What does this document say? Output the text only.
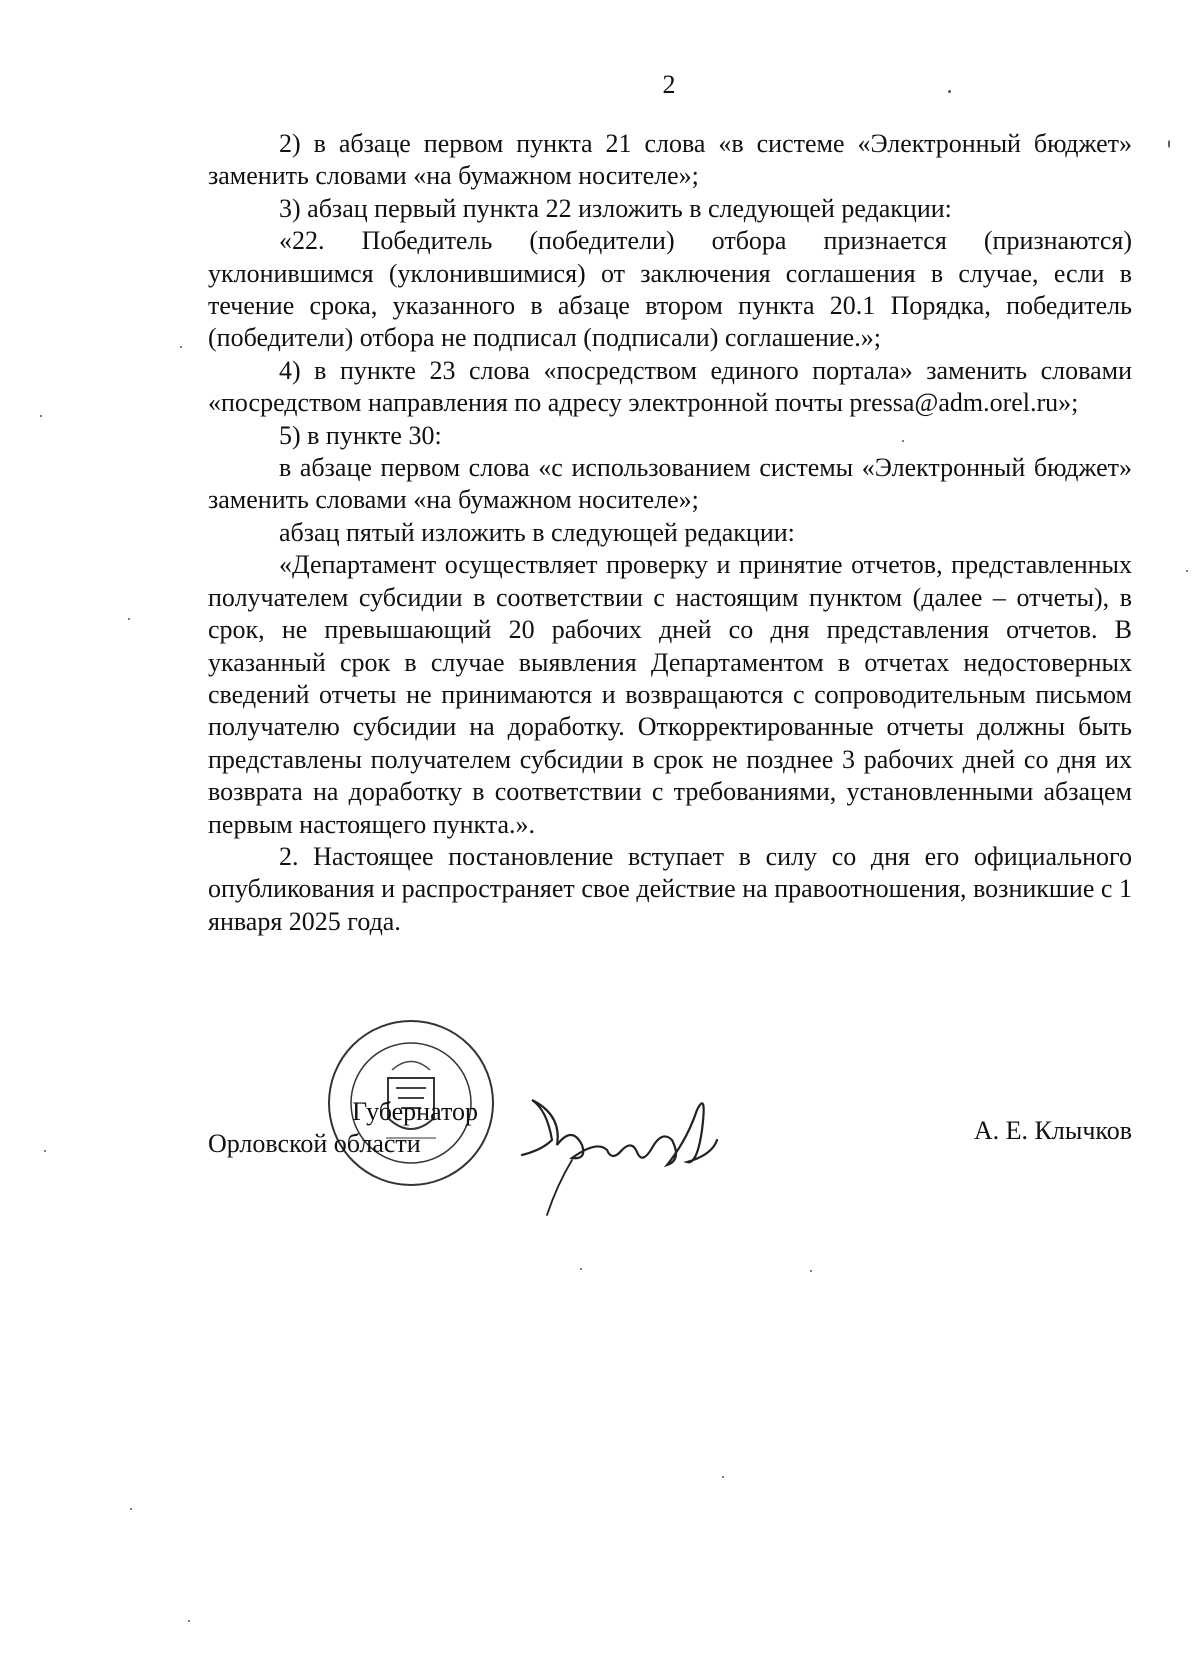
2

2) в абзаце первом пункта 21 слова «в системе «Электронный бюджет» заменить словами «на бумажном носителе»;

3) абзац первый пункта 22 изложить в следующей редакции:

«22. Победитель (победители) отбора признается (признаются) уклонившимся (уклонившимися) от заключения соглашения в случае, если в течение срока, указанного в абзаце втором пункта 20.1 Порядка, победитель (победители) отбора не подписал (подписали) соглашение.»;

4) в пункте 23 слова «посредством единого портала» заменить словами «посредством направления по адресу электронной почты pressa@adm.orel.ru»;

5) в пункте 30:

в абзаце первом слова «с использованием системы «Электронный бюджет» заменить словами «на бумажном носителе»;

абзац пятый изложить в следующей редакции:

«Департамент осуществляет проверку и принятие отчетов, представленных получателем субсидии в соответствии с настоящим пунктом (далее – отчеты), в срок, не превышающий 20 рабочих дней со дня представления отчетов. В указанный срок в случае выявления Департаментом в отчетах недостоверных сведений отчеты не принимаются и возвращаются с сопроводительным письмом получателю субсидии на доработку. Откорректированные отчеты должны быть представлены получателем субсидии в срок не позднее 3 рабочих дней со дня их возврата на доработку в соответствии с требованиями, установленными абзацем первым настоящего пункта.».

2. Настоящее постановление вступает в силу со дня его официального опубликования и распространяет свое действие на правоотношения, возникшие с 1 января 2025 года.

Губернатор
Орловской области	А. Е. Клычков
